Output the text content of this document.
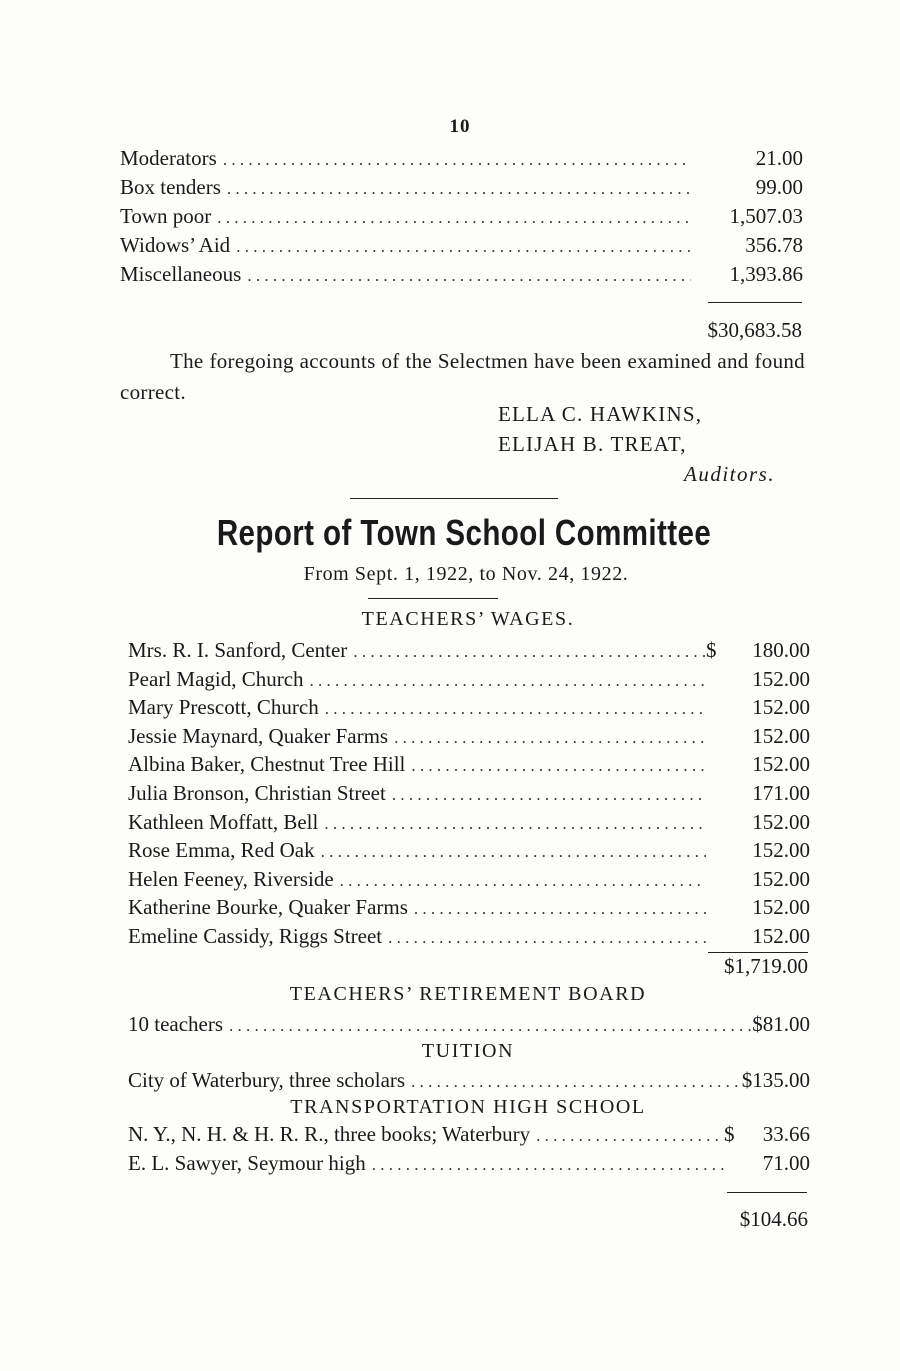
10
Moderators . . .	21.00
Box tenders . . .	99.00
Town poor . . .	1,507.03
Widows’ Aid . . .	356.78
Miscellaneous . . .	1,393.86
$30,683.58
The foregoing accounts of the Selectmen have been examined and found correct.
ELLA C. HAWKINS,
ELIJAH B. TREAT,
Auditors.
Report of Town School Committee
From Sept. 1, 1922, to Nov. 24, 1922.
TEACHERS’ WAGES.
Mrs. R. I. Sanford, Center . . .	$	180.00
Pearl Magid, Church . . .	152.00
Mary Prescott, Church . . .	152.00
Jessie Maynard, Quaker Farms . . .	152.00
Albina Baker, Chestnut Tree Hill . . .	152.00
Julia Bronson, Christian Street . . .	171.00
Kathleen Moffatt, Bell . . .	152.00
Rose Emma, Red Oak . . .	152.00
Helen Feeney, Riverside . . .	152.00
Katherine Bourke, Quaker Farms . . .	152.00
Emeline Cassidy, Riggs Street . . .	152.00
$1,719.00
TEACHERS’ RETIREMENT BOARD
10 teachers . . .	$81.00
TUITION
City of Waterbury, three scholars . . .	$135.00
TRANSPORTATION HIGH SCHOOL
N. Y., N. H. & H. R. R., three books; Waterbury . . .	$	33.66
E. L. Sawyer, Seymour high . . .	71.00
$104.66
